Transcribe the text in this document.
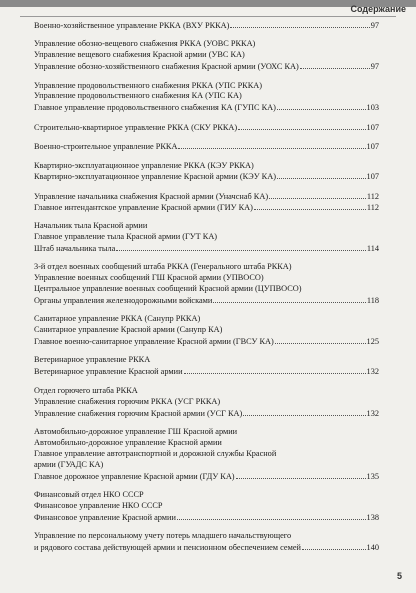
Содержание
Военно-хозяйственное управление РККА (ВХУ РККА)	97
Управление обозно-вещевого снабжения РККА (УОВС РККА)
Управление вещевого снабжения Красной армии (УВС КА)
Управление обозно-хозяйственного снабжения Красной армии (УОХС КА)	97
Управление продовольственного снабжения РККА (УПС РККА)
Управление продовольственного снабжения КА (УПС КА)
Главное управление продовольственного снабжения КА (ГУПС КА)	103
Строительно-квартирное управление РККА (СКУ РККА)	107
Военно-строительное управление РККА	107
Квартирно-эксплуатационное управление РККА (КЭУ РККА)
Квартирно-эксплуатационное управление Красной армии (КЭУ КА)	107
Управление начальника снабжения Красной армии (Уначснаб КА)	112
Главное интендантское управление Красной армии (ГИУ КА)	112
Начальник тыла Красной армии
Главное управление тыла Красной армии (ГУТ КА)
Штаб начальника тыла	114
3-й отдел военных сообщений штаба РККА (Генерального штаба РККА)
Управление военных сообщений ГШ Красной армии (УПВОСО)
Центральное управление военных сообщений Красной армии (ЦУПВОСО)
Органы управления железнодорожными войсками	118
Санитарное управление РККА (Санупр РККА)
Санитарное управление Красной армии (Санупр КА)
Главное военно-санитарное управление Красной армии (ГВСУ КА)	125
Ветеринарное управление РККА
Ветеринарное управление Красной армии	132
Отдел горючего штаба РККА
Управление снабжения горючим РККА (УСГ РККА)
Управление снабжения горючим Красной армии (УСГ КА)	132
Автомобильно-дорожное управление ГШ Красной армии
Автомобильно-дорожное управление Красной армии
Главное управление автотранспортной и дорожной службы Красной
армии (ГУАДС КА)
Главное дорожное управление Красной армии (ГДУ КА)	135
Финансовый отдел НКО СССР
Финансовое управление НКО СССР
Финансовое управление Красной армии	138
Управление по персональному учету потерь младшего начальствующего
и рядового состава действующей армии и пенсионном обеспечением семей	140
5
